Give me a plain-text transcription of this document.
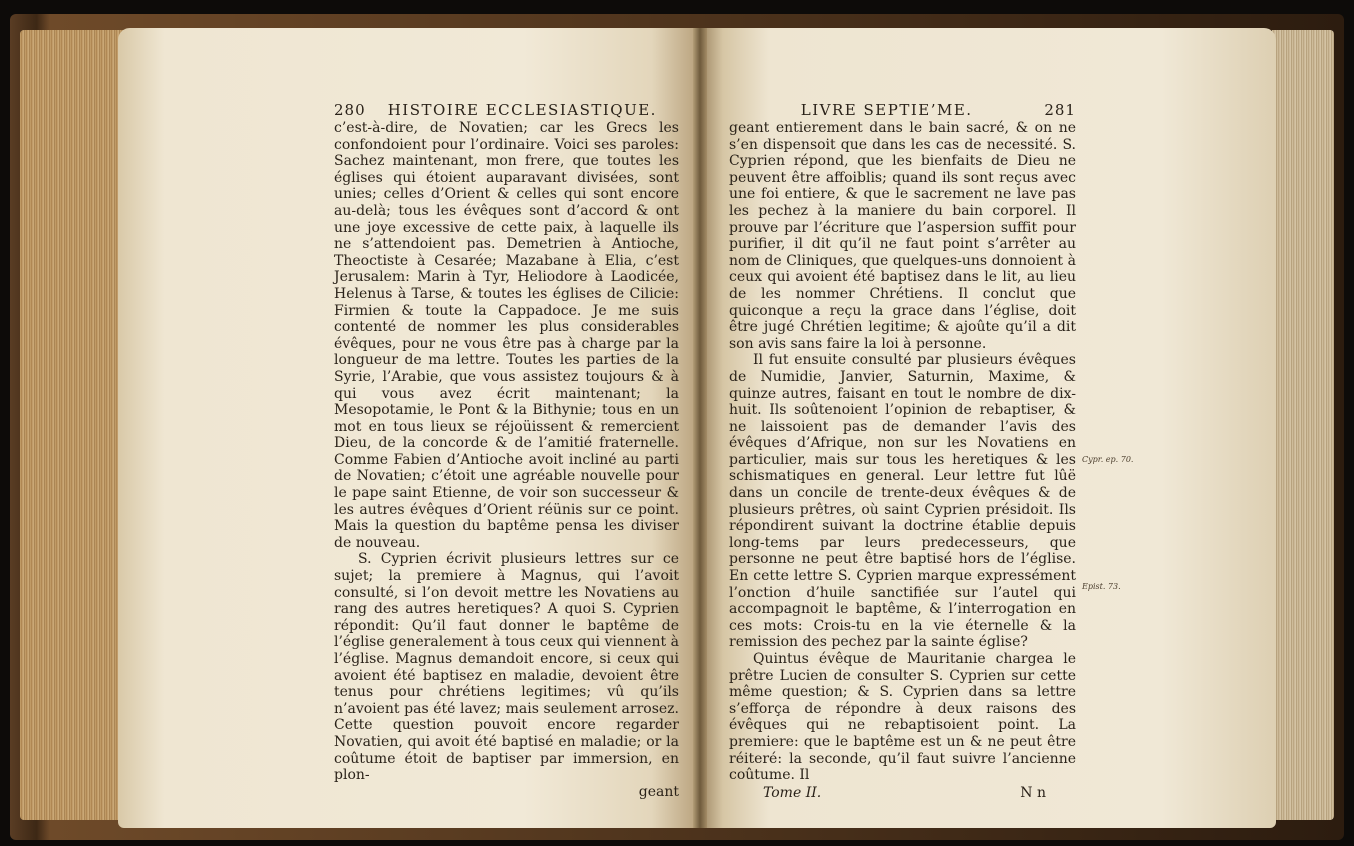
280 HISTOIRE ECCLESIASTIQUE.

c’est-à-dire, de Novatien; car les Grecs les confondoient pour l’ordinaire. Voici ses paroles: Sachez maintenant, mon frere, que toutes les églises qui étoient auparavant divisées, sont unies; celles d’Orient & celles qui sont encore au-delà; tous les évêques sont d’accord & ont une joye excessive de cette paix, à laquelle ils ne s’attendoient pas. Demetrien à Antioche, Theoctiste à Cesarée; Mazabane à Elia, c’est Jerusalem: Marin à Tyr, Heliodore à Laodicée, Helenus à Tarse, & toutes les églises de Cilicie: Firmien & toute la Cappadoce. Je me suis contenté de nommer les plus considerables évêques, pour ne vous être pas à charge par la longueur de ma lettre. Toutes les parties de la Syrie, l’Arabie, que vous assistez toujours & à qui vous avez écrit maintenant; la Mesopotamie, le Pont & la Bithynie; tous en un mot en tous lieux se réjoüissent & remercient Dieu, de la concorde & de l’amitié fraternelle. Comme Fabien d’Antioche avoit incliné au parti de Novatien; c’étoit une agréable nouvelle pour le pape saint Etienne, de voir son successeur & les autres évêques d’Orient réünis sur ce point. Mais la question du baptême pensa les diviser de nouveau.

S. Cyprien écrivit plusieurs lettres sur ce sujet; la premiere à Magnus, qui l’avoit consulté, si l’on devoit mettre les Novatiens au rang des autres heretiques? A quoi S. Cyprien répondit: Qu’il faut donner le baptême de l’église generalement à tous ceux qui viennent à l’église. Magnus demandoit encore, si ceux qui avoient été baptisez en maladie, devoient être tenus pour chrétiens legitimes; vû qu’ils n’avoient pas été lavez; mais seulement arrosez. Cette question pouvoit encore regarder Novatien, qui avoit été baptisé en maladie; or la coûtume étoit de baptiser par immersion, en plon-

geant

LIVRE SEPTIE’ME.	281

geant entierement dans le bain sacré, & on ne s’en dispensoit que dans les cas de necessité. S. Cyprien répond, que les bienfaits de Dieu ne peuvent être affoiblis; quand ils sont reçus avec une foi entiere, & que le sacrement ne lave pas les pechez à la maniere du bain corporel. Il prouve par l’écriture que l’aspersion suffit pour purifier, il dit qu’il ne faut point s’arrêter au nom de Cliniques, que quelques-uns donnoient à ceux qui avoient été baptisez dans le lit, au lieu de les nommer Chrétiens. Il conclut que quiconque a reçu la grace dans l’église, doit être jugé Chrétien legitime; & ajoûte qu’il a dit son avis sans faire la loi à personne.

Il fut ensuite consulté par plusieurs évêques de Numidie, Janvier, Saturnin, Maxime, & quinze autres, faisant en tout le nombre de dix-huit. Ils soûtenoient l’opinion de rebaptiser, & ne laissoient pas de demander l’avis des évêques d’Afrique, non sur les Novatiens en particulier, mais sur tous les heretiques & les schismatiques en general. Leur lettre fut lûë dans un concile de trente-deux évêques & de plusieurs prêtres, où saint Cyprien présidoit. Ils répondirent suivant la doctrine établie depuis long-tems par leurs predecesseurs, que personne ne peut être baptisé hors de l’église. En cette lettre S. Cyprien marque expressément l’onction d’huile sanctifiée sur l’autel qui accompagnoit le baptême, & l’interrogation en ces mots: Crois-tu en la vie éternelle & la remission des pechez par la sainte église?

Quintus évêque de Mauritanie chargea le prêtre Lucien de consulter S. Cyprien sur cette même question; & S. Cyprien dans sa lettre s’efforça de répondre à deux raisons des évêques qui ne rebaptisoient point. La premiere: que le baptême est un & ne peut être réiteré: la seconde, qu’il faut suivre l’ancienne coûtume. Il

Tome II.	N n
Cypr. ep. 70.
Epist. 73.
